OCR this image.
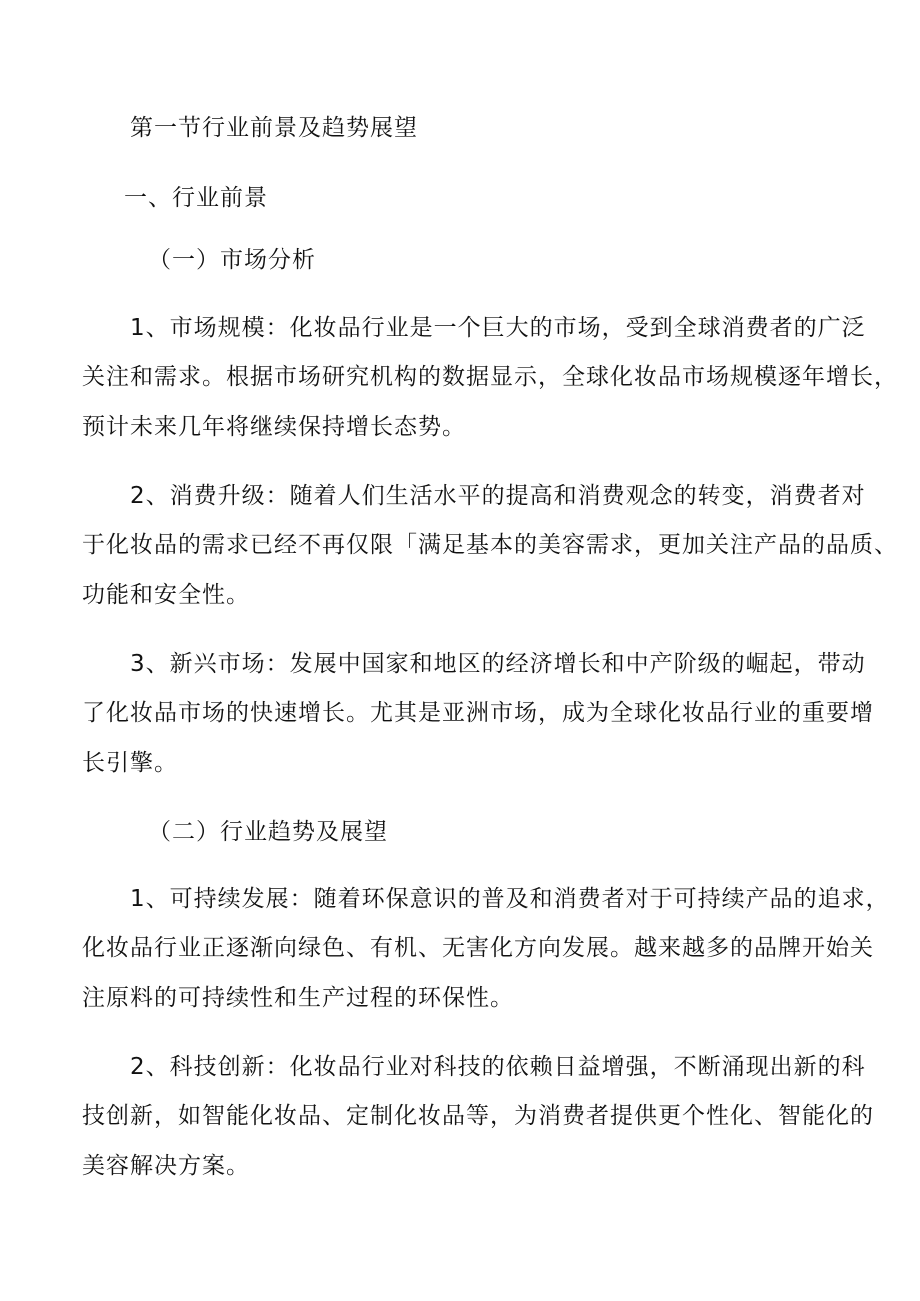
第一节行业前景及趋势展望
一、行业前景
（一）市场分析
1、市场规模：化妆品行业是一个巨大的市场，受到全球消费者的广泛
关注和需求。根据市场研究机构的数据显示，全球化妆品市场规模逐年增长，
预计未来几年将继续保持增长态势。
2、消费升级：随着人们生活水平的提高和消费观念的转变，消费者对
于化妆品的需求已经不再仅限「满足基本的美容需求，更加关注产品的品质、
功能和安全性。
3、新兴市场：发展中国家和地区的经济增长和中产阶级的崛起，带动
了化妆品市场的快速增长。尤其是亚洲市场，成为全球化妆品行业的重要增
长引擎。
（二）行业趋势及展望
1、可持续发展：随着环保意识的普及和消费者对于可持续产品的追求，
化妆品行业正逐渐向绿色、有机、无害化方向发展。越来越多的品牌开始关
注原料的可持续性和生产过程的环保性。
2、科技创新：化妆品行业对科技的依赖日益增强，不断涌现出新的科
技创新，如智能化妆品、定制化妆品等，为消费者提供更个性化、智能化的
美容解决方案。
